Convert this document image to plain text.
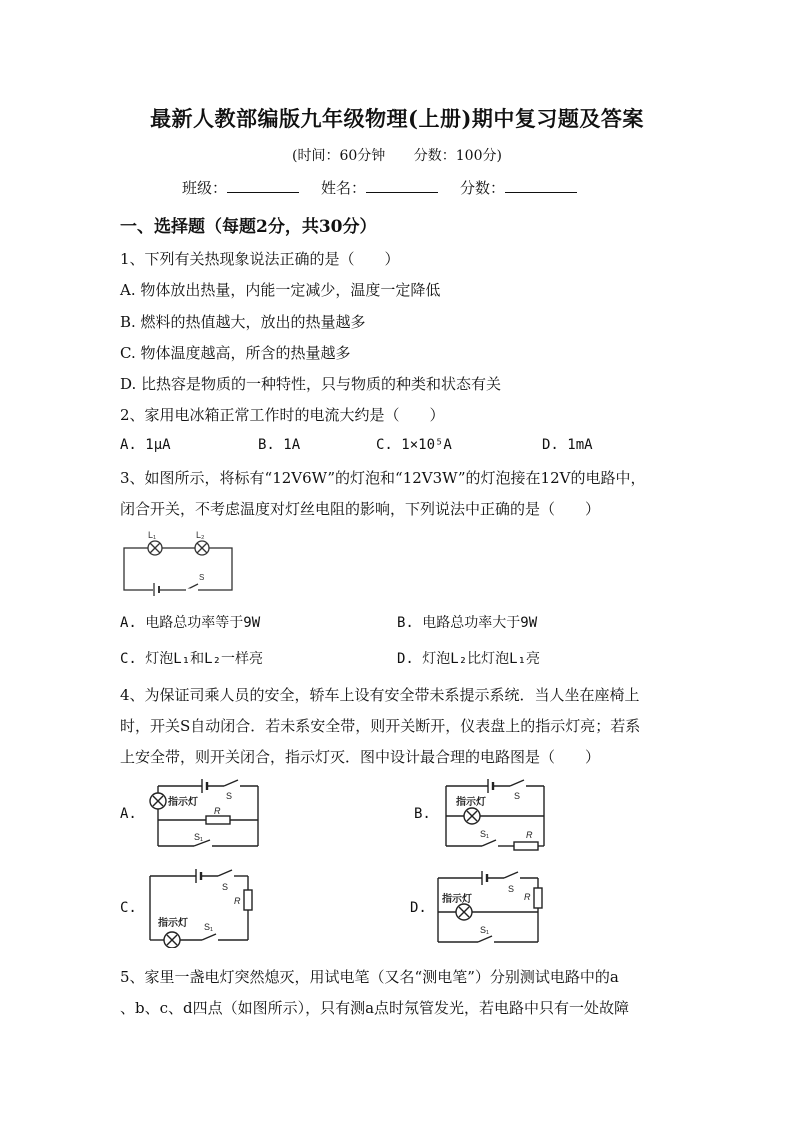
最新人教部编版九年级物理(上册)期中复习题及答案
(时间：60分钟 分数：100分)
班级：	姓名：	分数：
一、选择题（每题2分，共30分）
1、下列有关热现象说法正确的是（　　）
A. 物体放出热量，内能一定减少，温度一定降低
B. 燃料的热值越大，放出的热量越多
C. 物体温度越高，所含的热量越多
D. 比热容是物质的一种特性，只与物质的种类和状态有关
2、家用电冰箱正常工作时的电流大约是（　　）
A. 1μA	B. 1A	C. 1×10⁵A	D. 1mA
3、如图所示，将标有“12V6W”的灯泡和“12V3W”的灯泡接在12V的电路中，
闭合开关，不考虑温度对灯丝电阻的影响，下列说法中正确的是（　　）
L₁	L₂
S
A. 电路总功率等于9W	B. 电路总功率大于9W
C. 灯泡L₁和L₂一样亮	D. 灯泡L₂比灯泡L₁亮
4、为保证司乘人员的安全，轿车上设有安全带未系提示系统．当人坐在座椅上
时，开关S自动闭合．若未系安全带，则开关断开，仪表盘上的指示灯亮；若系
上安全带，则开关闭合，指示灯灭．图中设计最合理的电路图是（　　）
A.	B.
C.	D.
指示灯
S
R
S₁
指示灯
S
S₁	R
指示灯
S
R
S₁
指示灯
S
R
S₁
5、家里一盏电灯突然熄灭，用试电笔（又名“测电笔”）分别测试电路中的a
、b、c、d四点（如图所示），只有测a点时氖管发光，若电路中只有一处故障
